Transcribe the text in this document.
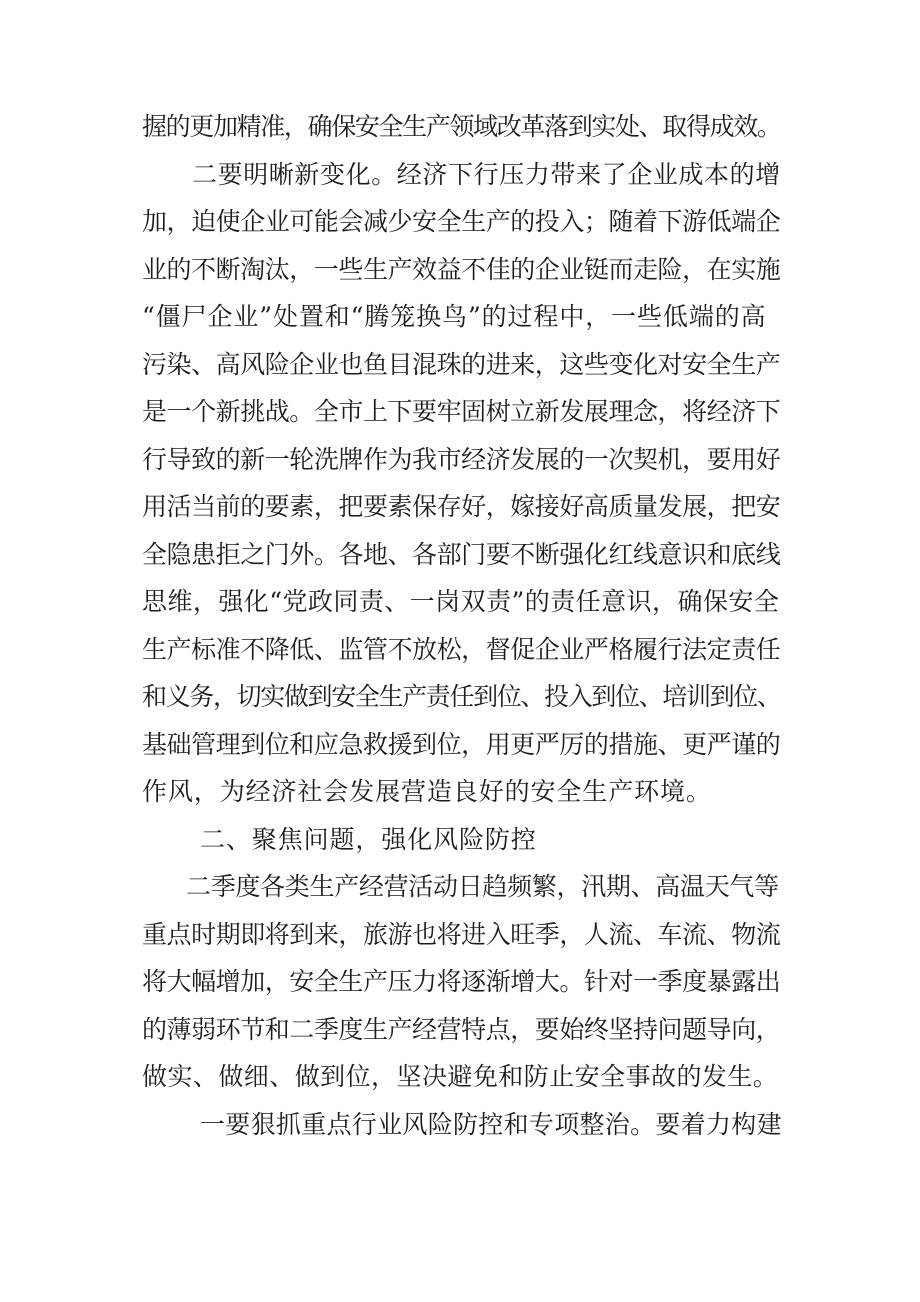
握的更加精准，确保安全生产领域改革落到实处、取得成效。
二要明晰新变化。经济下行压力带来了企业成本的增
加，迫使企业可能会减少安全生产的投入；随着下游低端企
业的不断淘汰，一些生产效益不佳的企业铤而走险，在实施
“僵尸企业”处置和“腾笼换鸟”的过程中，一些低端的高
污染、高风险企业也鱼目混珠的进来，这些变化对安全生产
是一个新挑战。全市上下要牢固树立新发展理念，将经济下
行导致的新一轮洗牌作为我市经济发展的一次契机，要用好
用活当前的要素，把要素保存好，嫁接好高质量发展，把安
全隐患拒之门外。各地、各部门要不断强化红线意识和底线
思维，强化“党政同责、一岗双责”的责任意识，确保安全
生产标准不降低、监管不放松，督促企业严格履行法定责任
和义务，切实做到安全生产责任到位、投入到位、培训到位、
基础管理到位和应急救援到位，用更严厉的措施、更严谨的
作风，为经济社会发展营造良好的安全生产环境。
二、聚焦问题，强化风险防控
二季度各类生产经营活动日趋频繁，汛期、高温天气等
重点时期即将到来，旅游也将进入旺季，人流、车流、物流
将大幅增加，安全生产压力将逐渐增大。针对一季度暴露出
的薄弱环节和二季度生产经营特点，要始终坚持问题导向，
做实、做细、做到位，坚决避免和防止安全事故的发生。
一要狠抓重点行业风险防控和专项整治。要着力构建
